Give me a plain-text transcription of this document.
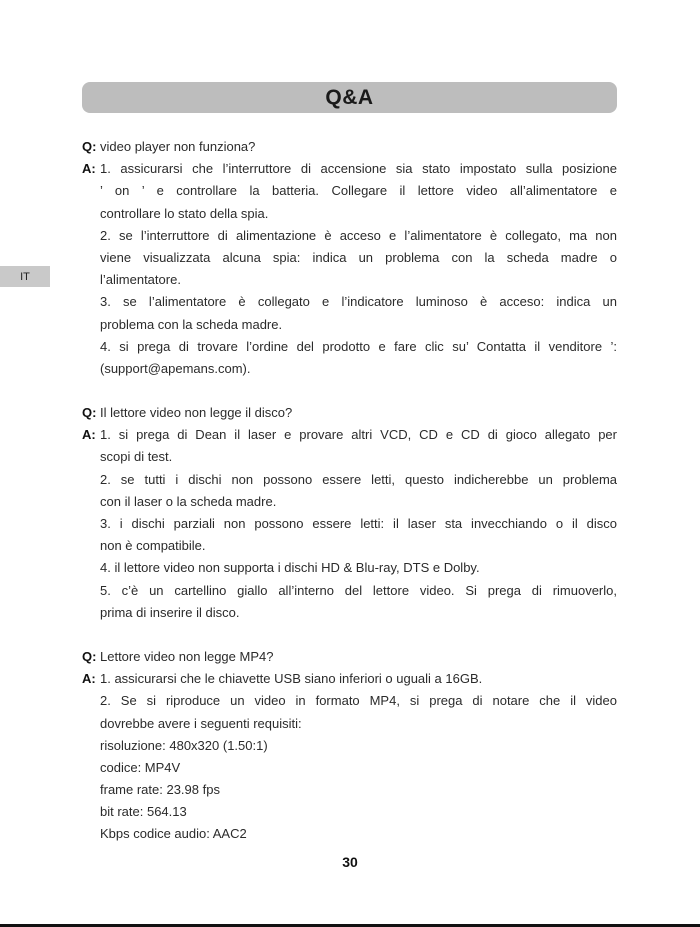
Q&A
IT
Q: video player non funziona?
A: 1. assicurarsi che l’interruttore di accensione sia stato impostato sulla posizione
’ on ’ e controllare la batteria. Collegare il lettore video all’alimentatore e
controllare lo stato della spia.
2. se l’interruttore di alimentazione è acceso e l’alimentatore è collegato, ma non
viene visualizzata alcuna spia: indica un problema con la scheda madre o
l’alimentatore.
3. se l’alimentatore è collegato e l’indicatore luminoso è acceso: indica un
problema con la scheda madre.
4. si prega di trovare l’ordine del prodotto e fare clic su’ Contatta il venditore ’:
(support@apemans.com).
Q: Il lettore video non legge il disco?
A: 1. si prega di Dean il laser e provare altri VCD, CD e CD di gioco allegato per
scopi di test.
2. se tutti i dischi non possono essere letti, questo indicherebbe un problema
con il laser o la scheda madre.
3. i dischi parziali non possono essere letti: il laser sta invecchiando o il disco
non è compatibile.
4. il lettore video non supporta i dischi HD & Blu-ray, DTS e Dolby.
5. c’è un cartellino giallo all’interno del lettore video. Si prega di rimuoverlo,
prima di inserire il disco.
Q: Lettore video non legge MP4?
A: 1. assicurarsi che le chiavette USB siano inferiori o uguali a 16GB.
2. Se si riproduce un video in formato MP4, si prega di notare che il video
dovrebbe avere i seguenti requisiti:
risoluzione: 480x320 (1.50:1)
codice: MP4V
frame rate: 23.98 fps
bit rate: 564.13
Kbps codice audio: AAC2
30
